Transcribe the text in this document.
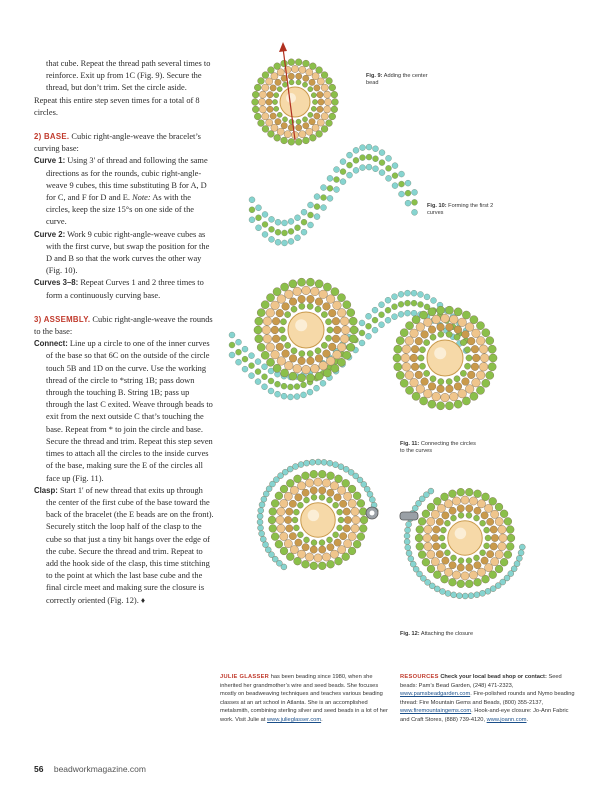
that cube. Repeat the thread path several times to reinforce. Exit up from 1C (Fig. 9). Secure the thread, but don’t trim. Set the circle aside.

Repeat this entire step seven times for a total of 8 circles.

2) BASE. Cubic right-angle-weave the bracelet’s curving base:

Curve 1: Using 3' of thread and following the same directions as for the rounds, cubic right-angle-weave 9 cubes, this time substituting B for A, D for C, and F for D and E. Note: As with the circles, keep the size 15°s on one side of the curve.

Curve 2: Work 9 cubic right-angle-weave cubes as with the first curve, but swap the position for the D and B so that the work curves the other way (Fig. 10).

Curves 3–8: Repeat Curves 1 and 2 three times to form a continuously curving base.

3) ASSEMBLY. Cubic right-angle-weave the rounds to the base:

Connect: Line up a circle to one of the inner curves of the base so that 6C on the outside of the circle touch 5B and 1D on the curve. Use the working thread of the circle to *string 1B; pass down through the touching B. String 1B; pass up through the last C exited. Weave through beads to exit from the next outside C that’s touching the base. Repeat from * to join the circle and base. Secure the thread and trim. Repeat this step seven times to attach all the circles to the inside curves of the base, making sure the E of the circles all face up (Fig. 11).

Clasp: Start 1' of new thread that exits up through the center of the first cube of the base toward the back of the bracelet (the E beads are on the front). Securely stitch the loop half of the clasp to the cube so that just a tiny bit hangs over the edge of the cube. Secure the thread and trim. Repeat to add the hook side of the clasp, this time stitching to the point at which the last base cube and the final circle meet and making sure the closure is correctly oriented (Fig. 12). ♦

Fig. 9: Adding the center bead
Fig. 10: Forming the first 2 curves
Fig. 11: Connecting the circles to the curves
Fig. 12: Attaching the closure
JULIE GLASSER has been beading since 1980, when she inherited her grandmother’s wire and seed beads. She focuses mostly on beadweaving techniques and teaches various beading classes at an art school in Atlanta. She is an accomplished metalsmith, combining sterling silver and seed beads in a lot of her work. Visit Julie at www.julieglasser.com.
RESOURCES Check your local bead shop or contact: Seed beads: Pam’s Bead Garden, (248) 471-2323, www.pamsbeadgarden.com. Fire-polished rounds and Nymo beading thread: Fire Mountain Gems and Beads, (800) 355-2137, www.firemountaingems.com. Hook-and-eye closure: Jo-Ann Fabric and Craft Stores, (888) 739-4120, www.joann.com.
56 beadworkmagazine.com
